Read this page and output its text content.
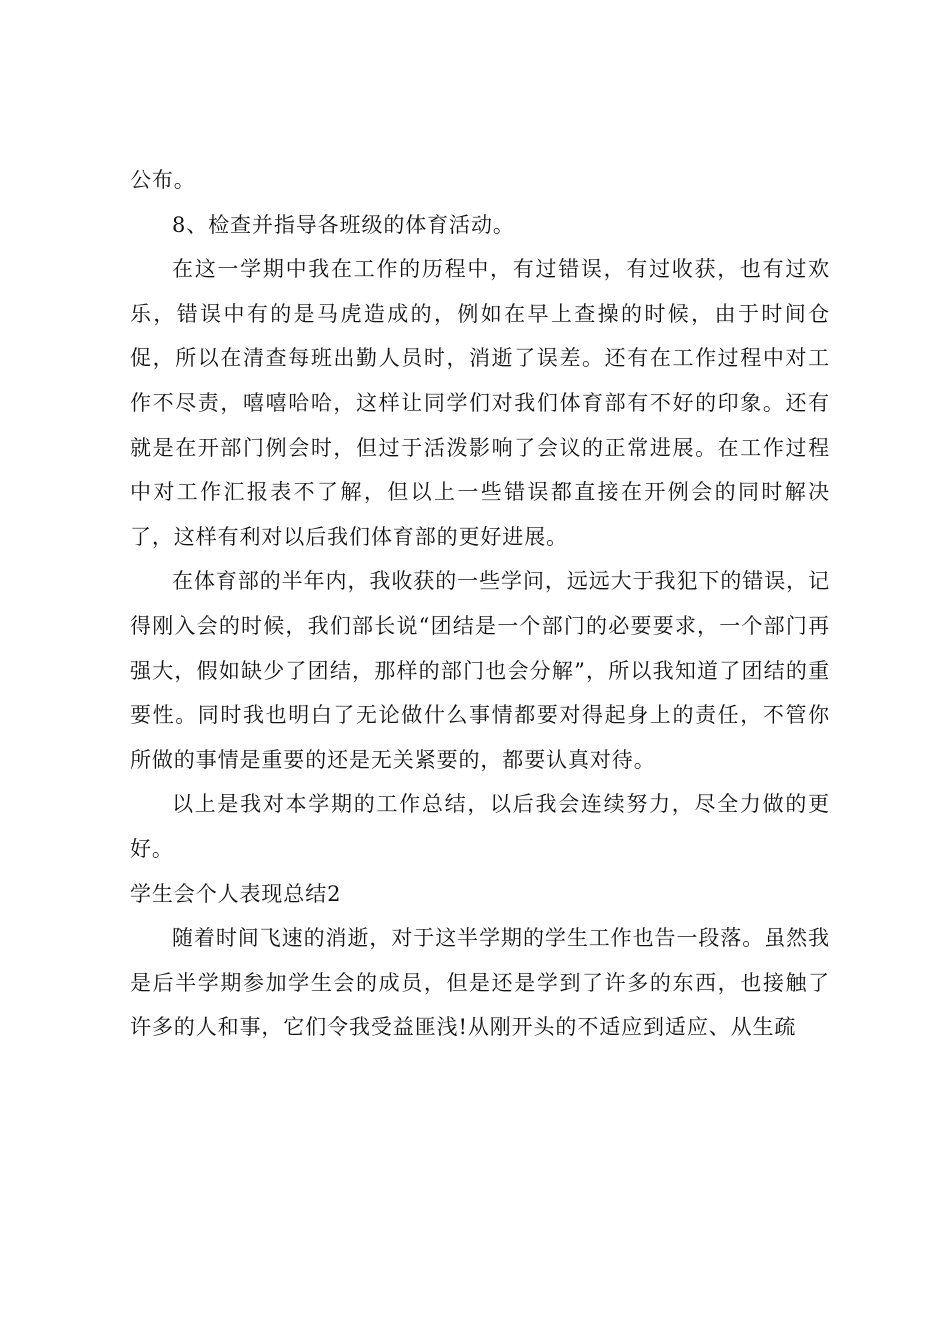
公布。

8、检查并指导各班级的体育活动。

在这一学期中我在工作的历程中，有过错误，有过收获，也有过欢乐，错误中有的是马虎造成的，例如在早上查操的时候，由于时间仓促，所以在清查每班出勤人员时，消逝了误差。还有在工作过程中对工作不尽责，嘻嘻哈哈，这样让同学们对我们体育部有不好的印象。还有就是在开部门例会时，但过于活泼影响了会议的正常进展。在工作过程中对工作汇报表不了解，但以上一些错误都直接在开例会的同时解决了，这样有利对以后我们体育部的更好进展。

在体育部的半年内，我收获的一些学问，远远大于我犯下的错误，记得刚入会的时候，我们部长说“团结是一个部门的必要要求，一个部门再强大，假如缺少了团结，那样的部门也会分解”，所以我知道了团结的重要性。同时我也明白了无论做什么事情都要对得起身上的责任，不管你所做的事情是重要的还是无关紧要的，都要认真对待。

以上是我对本学期的工作总结，以后我会连续努力，尽全力做的更好。

学生会个人表现总结2

随着时间飞速的消逝，对于这半学期的学生工作也告一段落。虽然我是后半学期参加学生会的成员，但是还是学到了许多的东西，也接触了许多的人和事，它们令我受益匪浅!从刚开头的不适应到适应、从生疏
